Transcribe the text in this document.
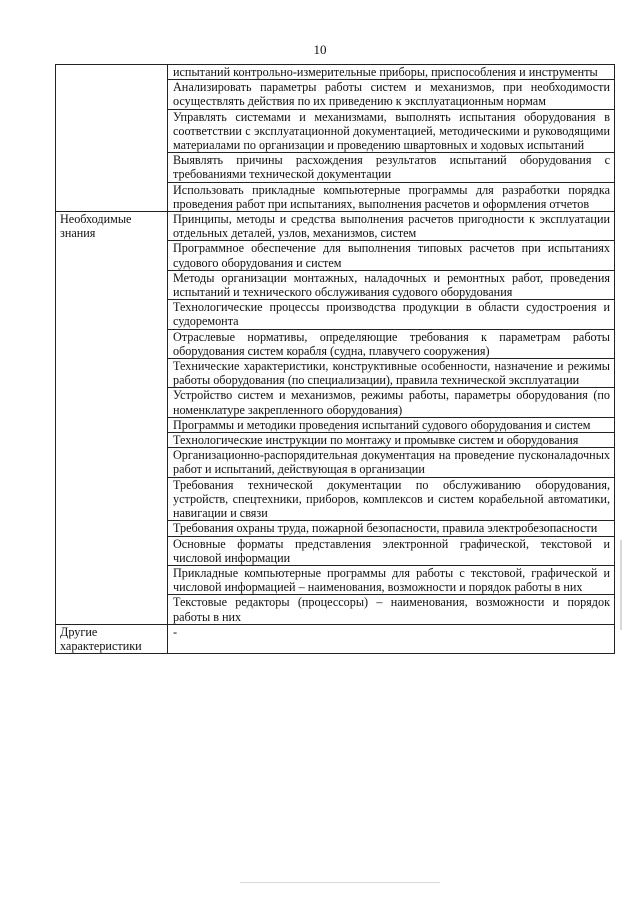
10
	испытаний контрольно-измерительные приборы, приспособления и инструменты
	Анализировать параметры работы систем и механизмов, при необходимости осуществлять действия по их приведению к эксплуатационным нормам
	Управлять системами и механизмами, выполнять испытания оборудования в соответствии с эксплуатационной документацией, методическими и руководящими материалами по организации и проведению швартовных и ходовых испытаний
	Выявлять причины расхождения результатов испытаний оборудования с требованиями технической документации
	Использовать прикладные компьютерные программы для разработки порядка проведения работ при испытаниях, выполнения расчетов и оформления отчетов
Необходимые знания	Принципы, методы и средства выполнения расчетов пригодности к эксплуатации отдельных деталей, узлов, механизмов, систем
	Программное обеспечение для выполнения типовых расчетов при испытаниях судового оборудования и систем
	Методы организации монтажных, наладочных и ремонтных работ, проведения испытаний и технического обслуживания судового оборудования
	Технологические процессы производства продукции в области судостроения и судоремонта
	Отраслевые нормативы, определяющие требования к параметрам работы оборудования систем корабля (судна, плавучего сооружения)
	Технические характеристики, конструктивные особенности, назначение и режимы работы оборудования (по специализации), правила технической эксплуатации
	Устройство систем и механизмов, режимы работы, параметры оборудования (по номенклатуре закрепленного оборудования)
	Программы и методики проведения испытаний судового оборудования и систем
	Технологические инструкции по монтажу и промывке систем и оборудования
	Организационно-распорядительная документация на проведение пусконаладочных работ и испытаний, действующая в организации
	Требования технической документации по обслуживанию оборудования, устройств, спецтехники, приборов, комплексов и систем корабельной автоматики, навигации и связи
	Требования охраны труда, пожарной безопасности, правила электробезопасности
	Основные форматы представления электронной графической, текстовой и числовой информации
	Прикладные компьютерные программы для работы с текстовой, графической и числовой информацией – наименования, возможности и порядок работы в них
	Текстовые редакторы (процессоры) – наименования, возможности и порядок работы в них
Другие характеристики	-
